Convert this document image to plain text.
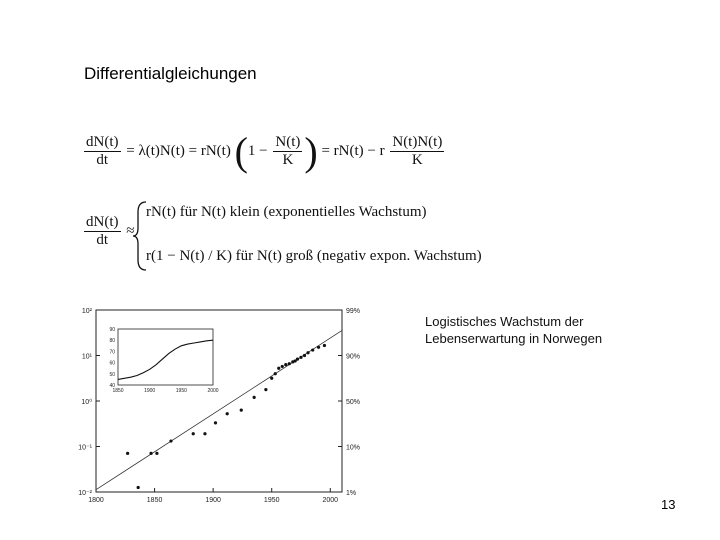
Differentialgleichungen
$\frac{dN(t)}{dt} = \lambda(t)N(t) = rN(t) (1 - \frac{N(t)}{K}$ ) = rN(t) − r $\frac{N(t)N(t)}{K}$
$\frac{dN(t)}{dt}$ ≈
rN(t) für N(t) klein (exponentielles Wachstum)
r(1 − N(t) / K) für N(t) groß (negativ expon. Wachstum)
10²
10¹
10⁰
10⁻¹
10⁻²
99%
90%
50%
10%
1%
1800	1850	1900	1950	2000
90
80
70
60
50
40
1850	1900	1950	2000
Logistisches Wachstum der
Lebenserwartung in Norwegen
13
